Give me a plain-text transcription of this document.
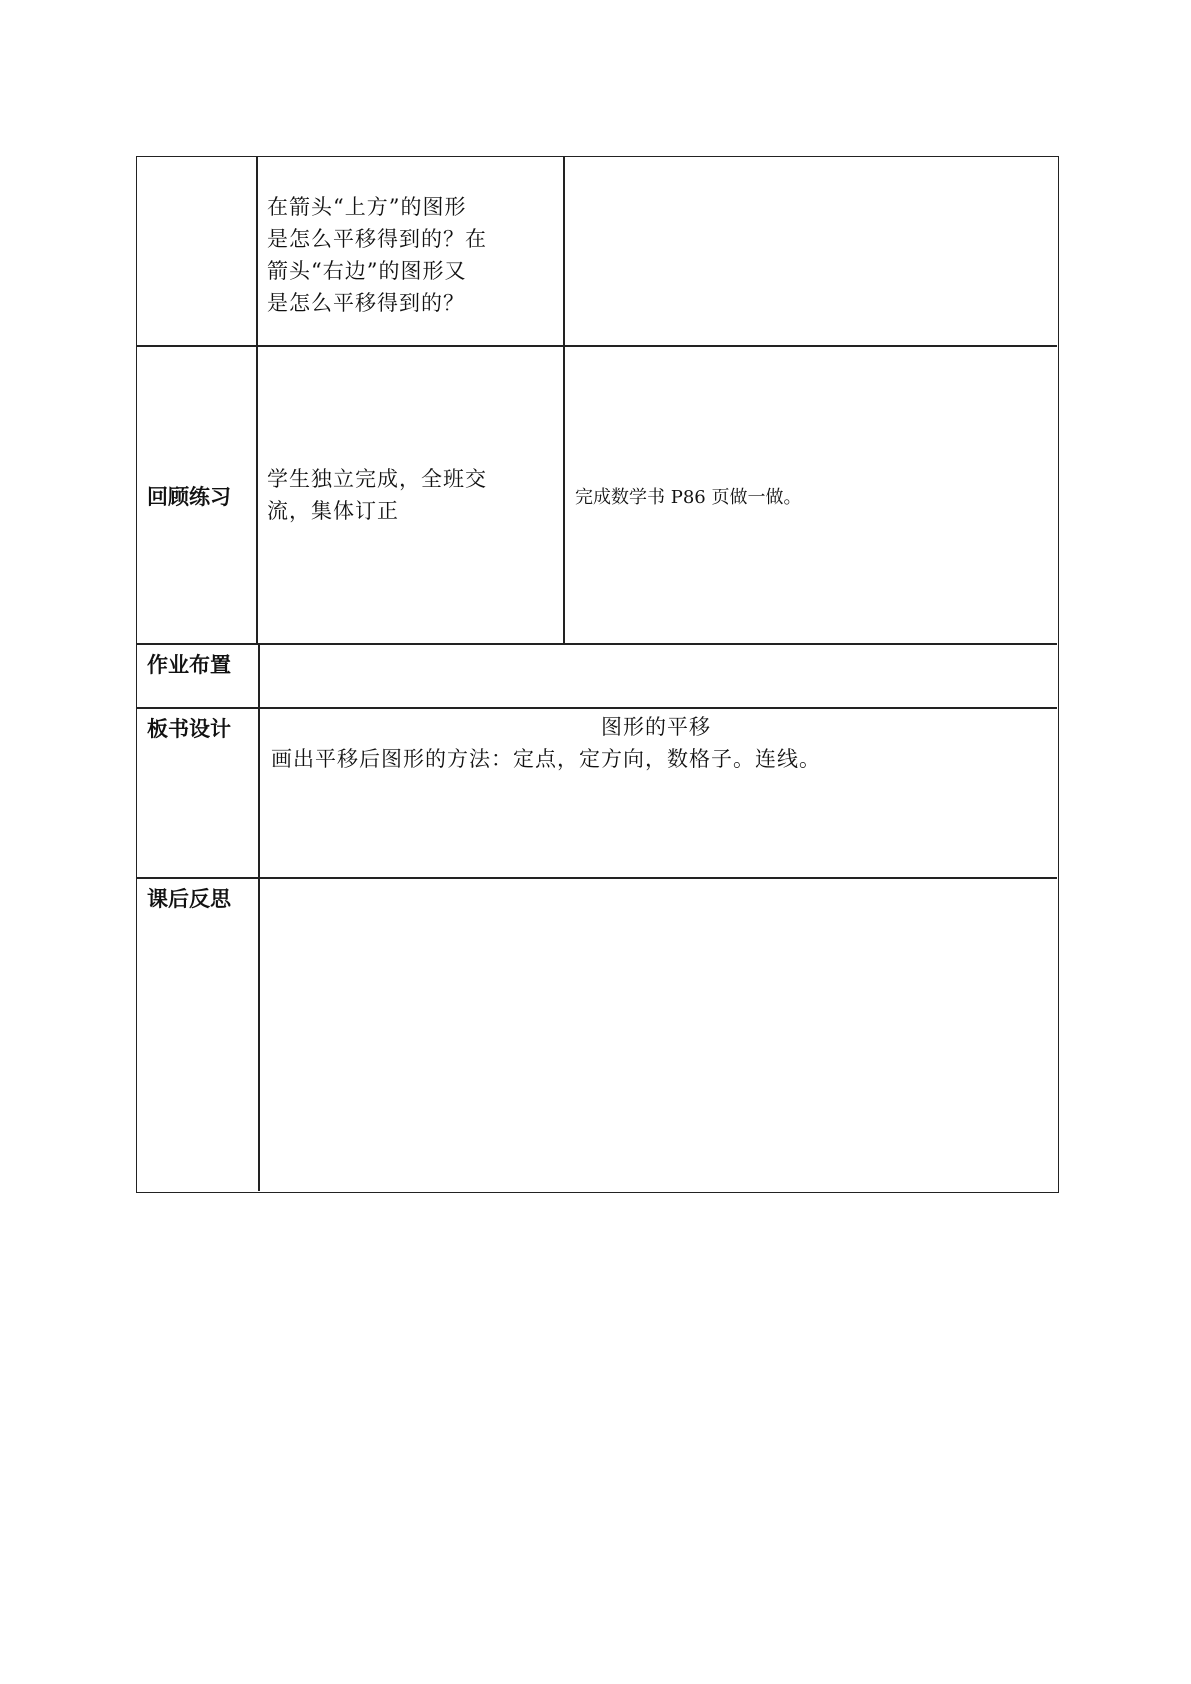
在箭头“上方”的图形
是怎么平移得到的？在
箭头“右边”的图形又
是怎么平移得到的？
回顾练习
学生独立完成，全班交
流，集体订正
完成数学书 P86 页做一做。
作业布置
板书设计	图形的平移
画出平移后图形的方法：定点，定方向，数格子。连线。
课后反思
